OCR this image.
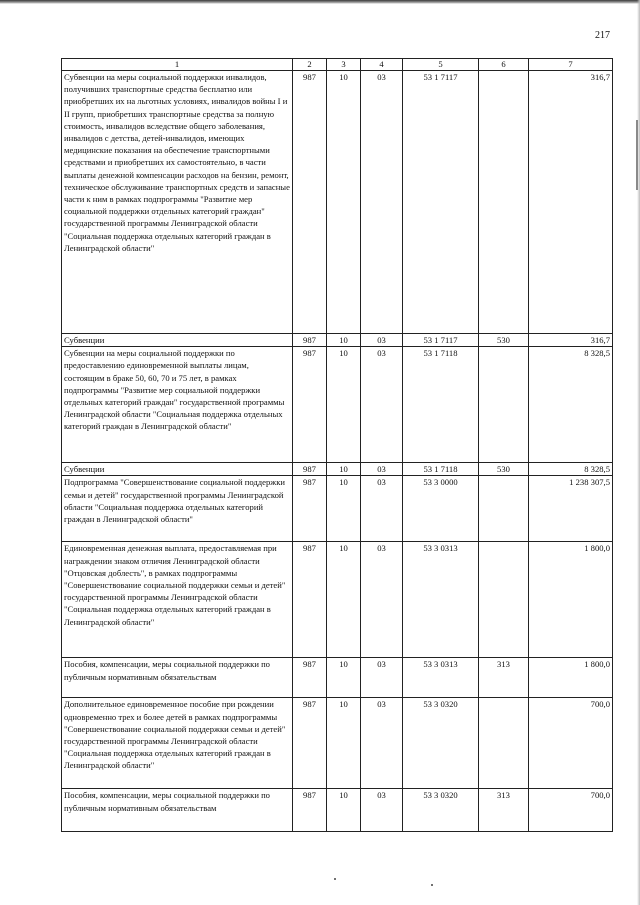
217
1	2	3	4	5	6	7
Субвенции на меры социальной поддержки инвалидов, получивших транспортные средства бесплатно или приобретших их на льготных условиях, инвалидов войны I и II групп, приобретших транспортные средства за полную стоимость, инвалидов вследствие общего заболевания, инвалидов с детства, детей-инвалидов, имеющих медицинские показания на обеспечение транспортными средствами и приобретших их самостоятельно, в части выплаты денежной компенсации расходов на бензин, ремонт, техническое обслуживание транспортных средств и запасные части к ним в рамках подпрограммы "Развитие мер социальной поддержки отдельных категорий граждан" государственной программы Ленинградской области "Социальная поддержка отдельных категорий граждан в Ленинградской области"	987	10	03	53 1 7117		316,7
Субвенции	987	10	03	53 1 7117	530	316,7
Субвенции на меры социальной поддержки по предоставлению единовременной выплаты лицам, состоящим в браке 50, 60, 70 и 75 лет, в рамках подпрограммы "Развитие мер социальной поддержки отдельных категорий граждан" государственной программы Ленинградской области "Социальная поддержка отдельных категорий граждан в Ленинградской области"	987	10	03	53 1 7118		8 328,5
Субвенции	987	10	03	53 1 7118	530	8 328,5
Подпрограмма "Совершенствование социальной поддержки семьи и детей" государственной программы Ленинградской области "Социальная поддержка отдельных категорий граждан в Ленинградской области"	987	10	03	53 3 0000		1 238 307,5
Единовременная денежная выплата, предоставляемая при награждении знаком отличия Ленинградской области "Отцовская доблесть", в рамках подпрограммы "Совершенствование социальной поддержки семьи и детей" государственной программы Ленинградской области "Социальная поддержка отдельных категорий граждан в Ленинградской области"	987	10	03	53 3 0313		1 800,0
Пособия, компенсации, меры социальной поддержки по публичным нормативным обязательствам	987	10	03	53 3 0313	313	1 800,0
Дополнительное единовременное пособие при рождении одновременно трех и более детей в рамках подпрограммы "Совершенствование социальной поддержки семьи и детей" государственной программы Ленинградской области "Социальная поддержка отдельных категорий граждан в Ленинградской области"	987	10	03	53 3 0320		700,0
Пособия, компенсации, меры социальной поддержки по публичным нормативным обязательствам	987	10	03	53 3 0320	313	700,0
